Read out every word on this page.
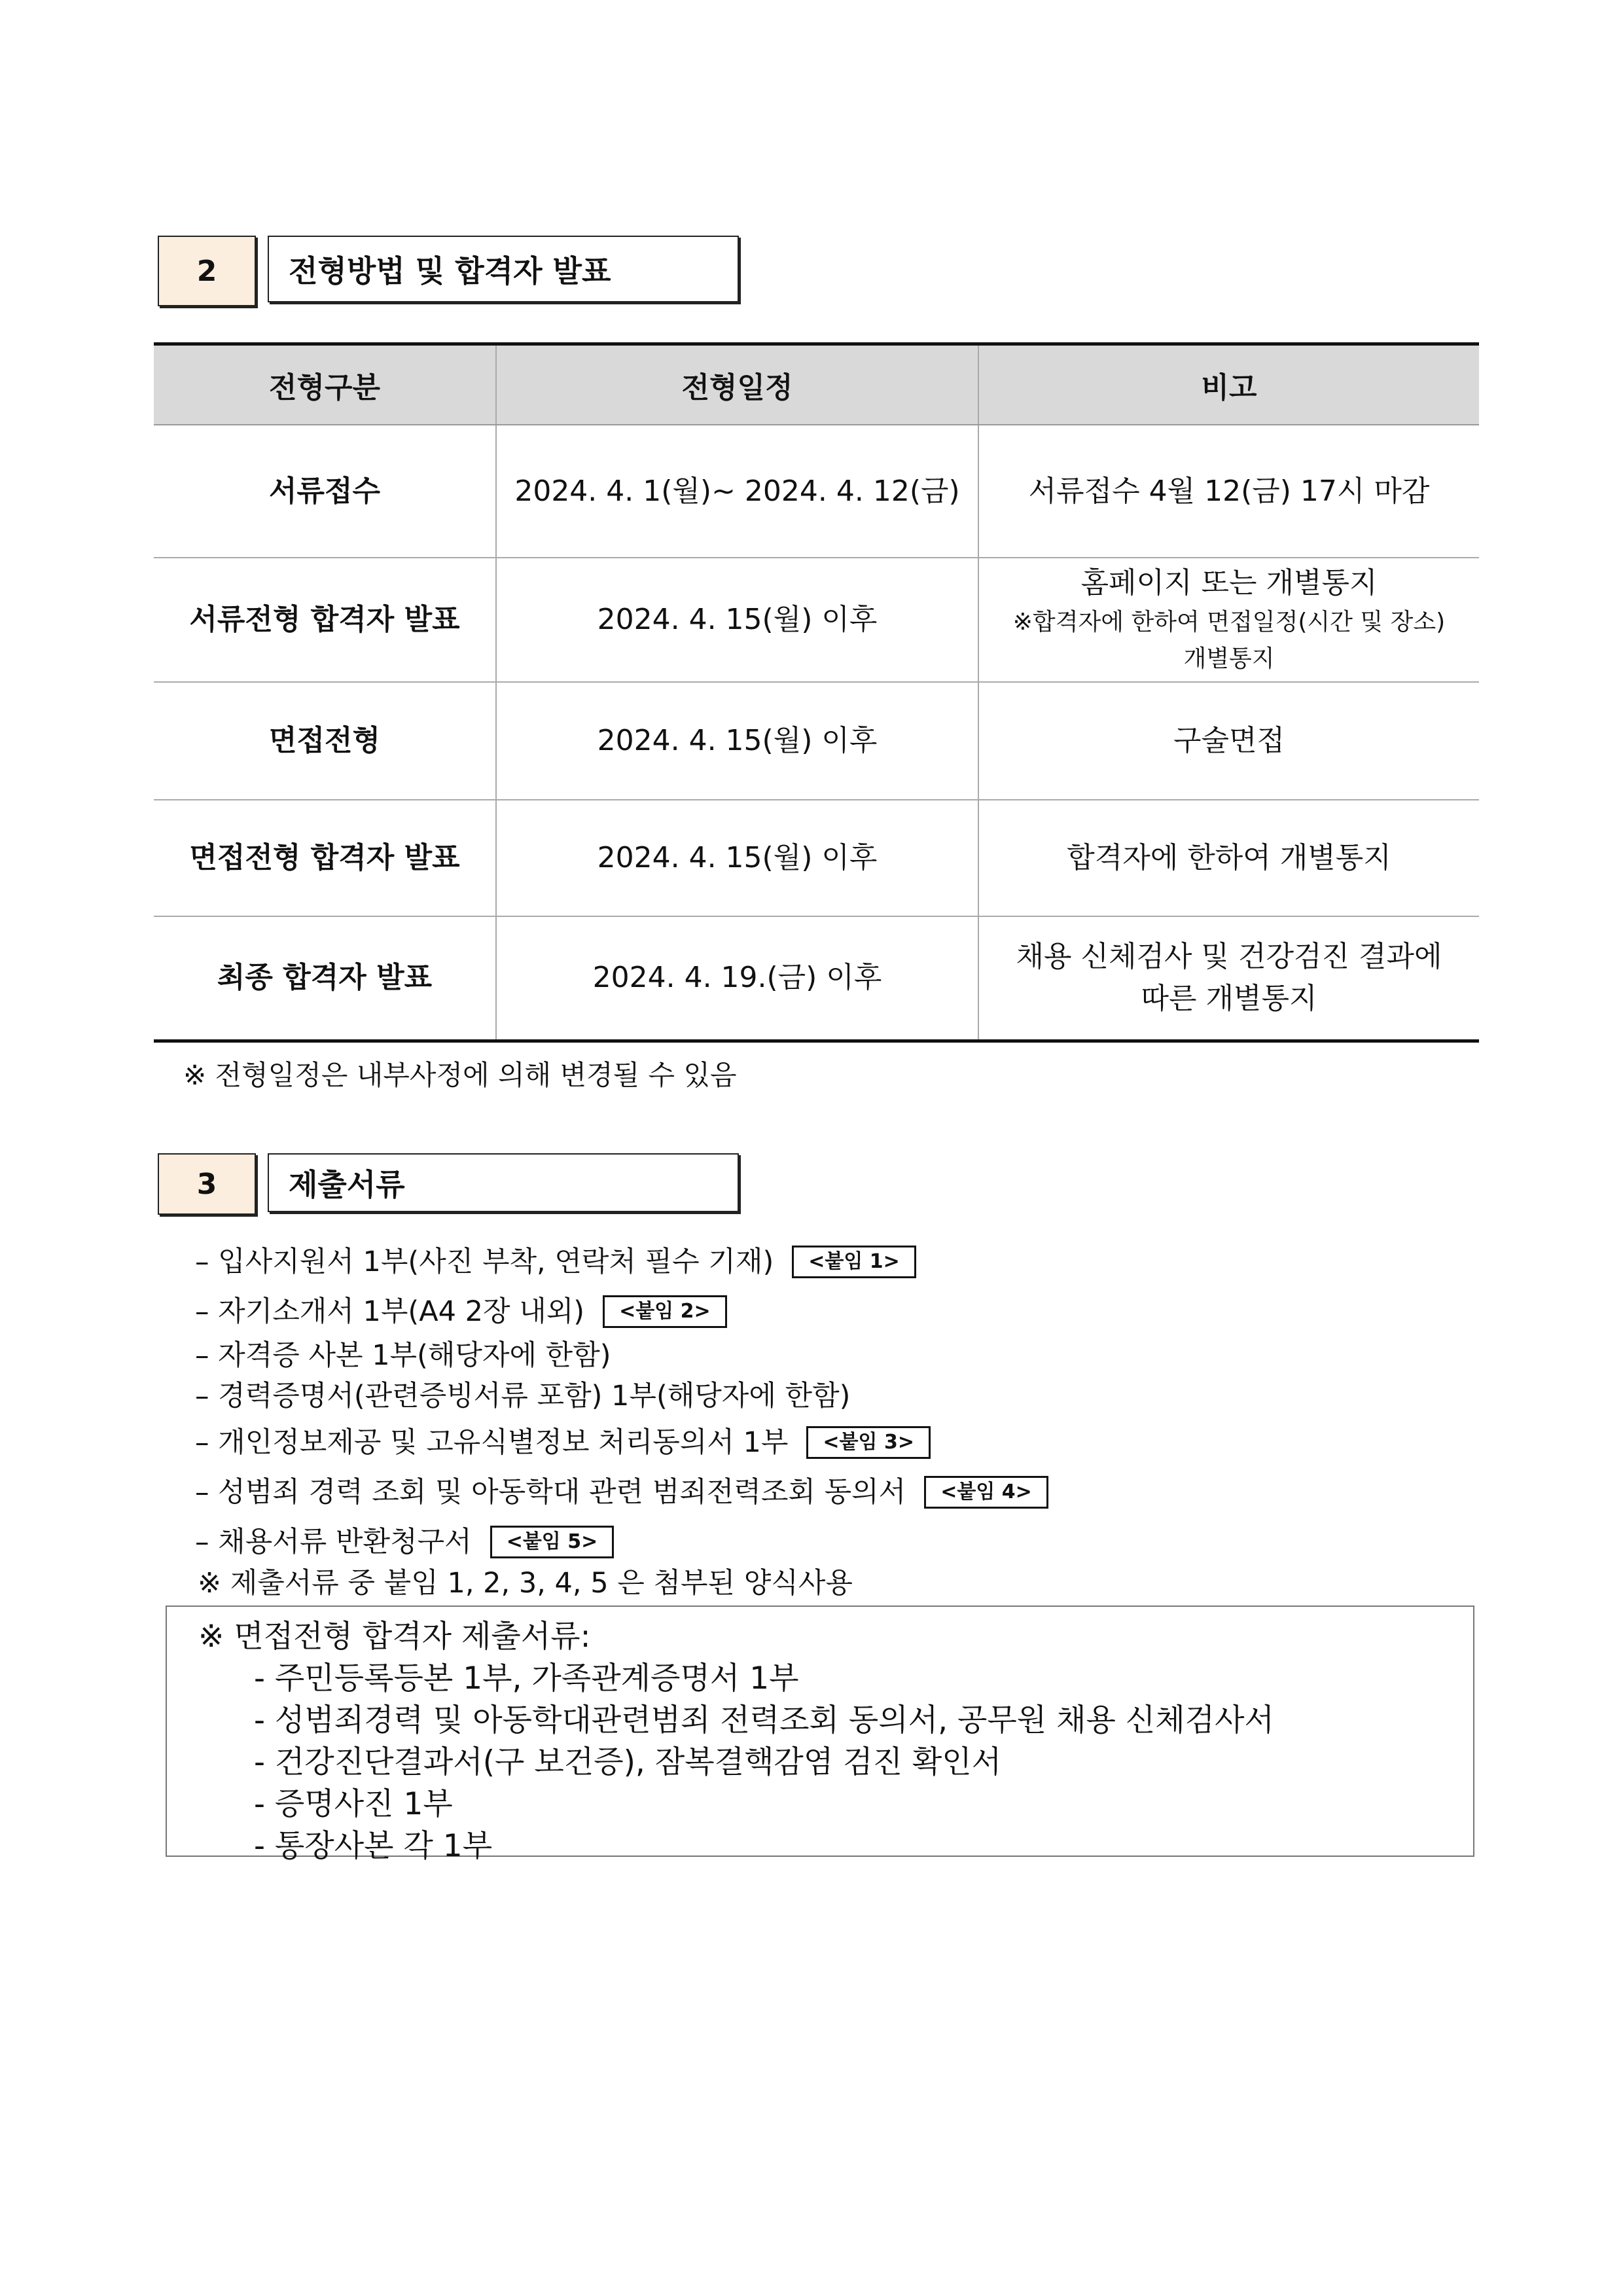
2	전형방법 및 합격자 발표
전형구분	전형일정	비고
서류접수	2024. 4. 1(월)~ 2024. 4. 12(금)	서류접수 4월 12(금) 17시 마감
서류전형 합격자 발표	2024. 4. 15(월) 이후	홈페이지 또는 개별통지
※합격자에 한하여 면접일정(시간 및 장소)
개별통지

면접전형	2024. 4. 15(월) 이후	구술면접
면접전형 합격자 발표	2024. 4. 15(월) 이후	합격자에 한하여 개별통지
최종 합격자 발표	2024. 4. 19.(금) 이후	채용 신체검사 및 건강검진 결과에
따른 개별통지
※ 전형일정은 내부사정에 의해 변경될 수 있음
3	제출서류
– 입사지원서 1부(사진 부착, 연락처 필수 기재)	<붙임 1>
– 자기소개서 1부(A4 2장 내외)	<붙임 2>
– 자격증 사본 1부(해당자에 한함)
– 경력증명서(관련증빙서류 포함) 1부(해당자에 한함)
– 개인정보제공 및 고유식별정보 처리동의서 1부	<붙임 3>
– 성범죄 경력 조회 및 아동학대 관련 범죄전력조회 동의서	<붙임 4>
– 채용서류 반환청구서	<붙임 5>
※ 제출서류 중 붙임 1, 2, 3, 4, 5 은 첨부된 양식사용
※ 면접전형 합격자 제출서류:
- 주민등록등본 1부, 가족관계증명서 1부
- 성범죄경력 및 아동학대관련범죄 전력조회 동의서, 공무원 채용 신체검사서
- 건강진단결과서(구 보건증), 잠복결핵감염 검진 확인서
- 증명사진 1부
- 통장사본 각 1부
